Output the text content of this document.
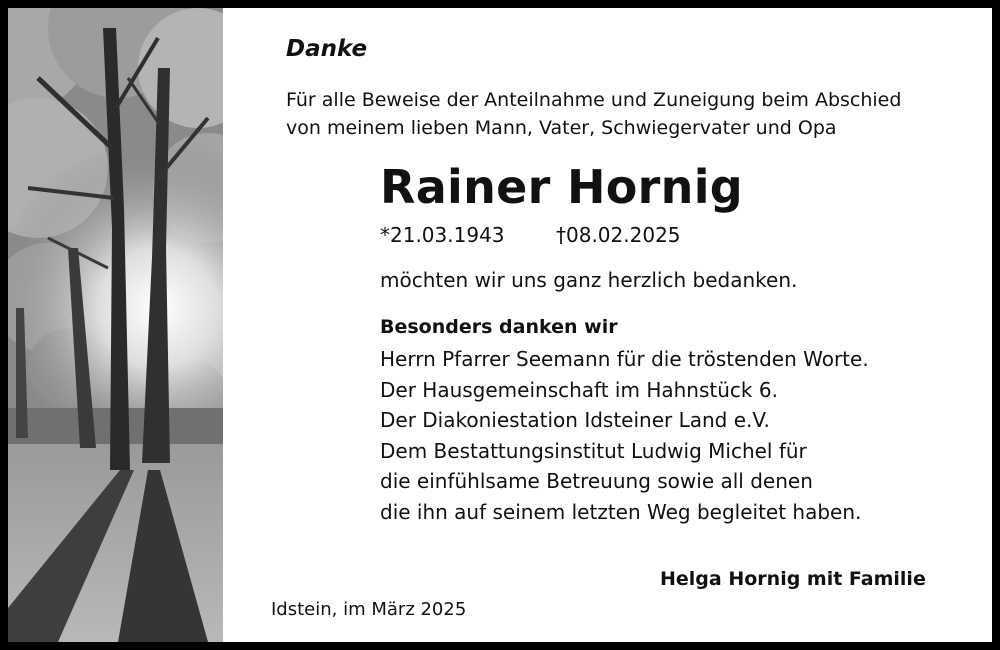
Danke
Für alle Beweise der Anteilnahme und Zuneigung beim Abschied
von meinem lieben Mann, Vater, Schwiegervater und Opa
Rainer Hornig
*21.03.1943	†08.02.2025
möchten wir uns ganz herzlich bedanken.
Besonders danken wir
Herrn Pfarrer Seemann für die tröstenden Worte.
Der Hausgemeinschaft im Hahnstück 6.
Der Diakoniestation Idsteiner Land e.V.
Dem Bestattungsinstitut Ludwig Michel für
die einfühlsame Betreuung sowie all denen
die ihn auf seinem letzten Weg begleitet haben.
Helga Hornig mit Familie
Idstein, im März 2025
